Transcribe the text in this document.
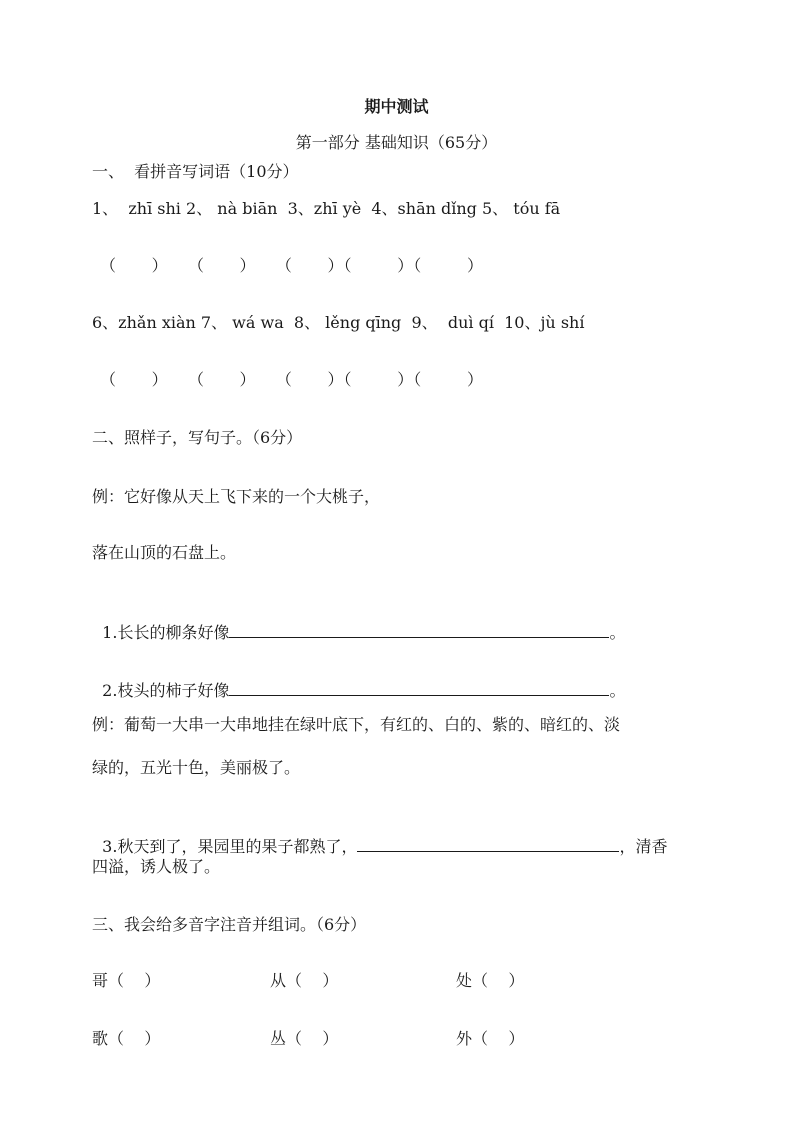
期中测试
第一部分 基础知识（65分）
一、  看拼音写词语（10分）
1、  zhī shi 2、 nà biān  3、zhī yè  4、shān dǐng 5、 tóu fā
（       ）    （       ）    （       ）（         ）（         ）
6、zhǎn xiàn 7、 wá wa  8、 lěng qīng  9、  duì qí  10、jù shí
（       ）    （       ）    （       ）（         ）（         ）
二、照样子，写句子。（6分）
例：它好像从天上飞下来的一个大桃子，
落在山顶的石盘上。

1.长长的柳条好像	。

2.枝头的柿子好像	。

例：葡萄一大串一大串地挂在绿叶底下，有红的、白的、紫的、暗红的、淡
绿的，五光十色，美丽极了。

3.秋天到了，果园里的果子都熟了，	，清香

四溢，诱人极了。
三、我会给多音字注音并组词。（6分）
哥（    ）	从（    ）	处（    ）
歌（    ）	丛（    ）	外（    ）
